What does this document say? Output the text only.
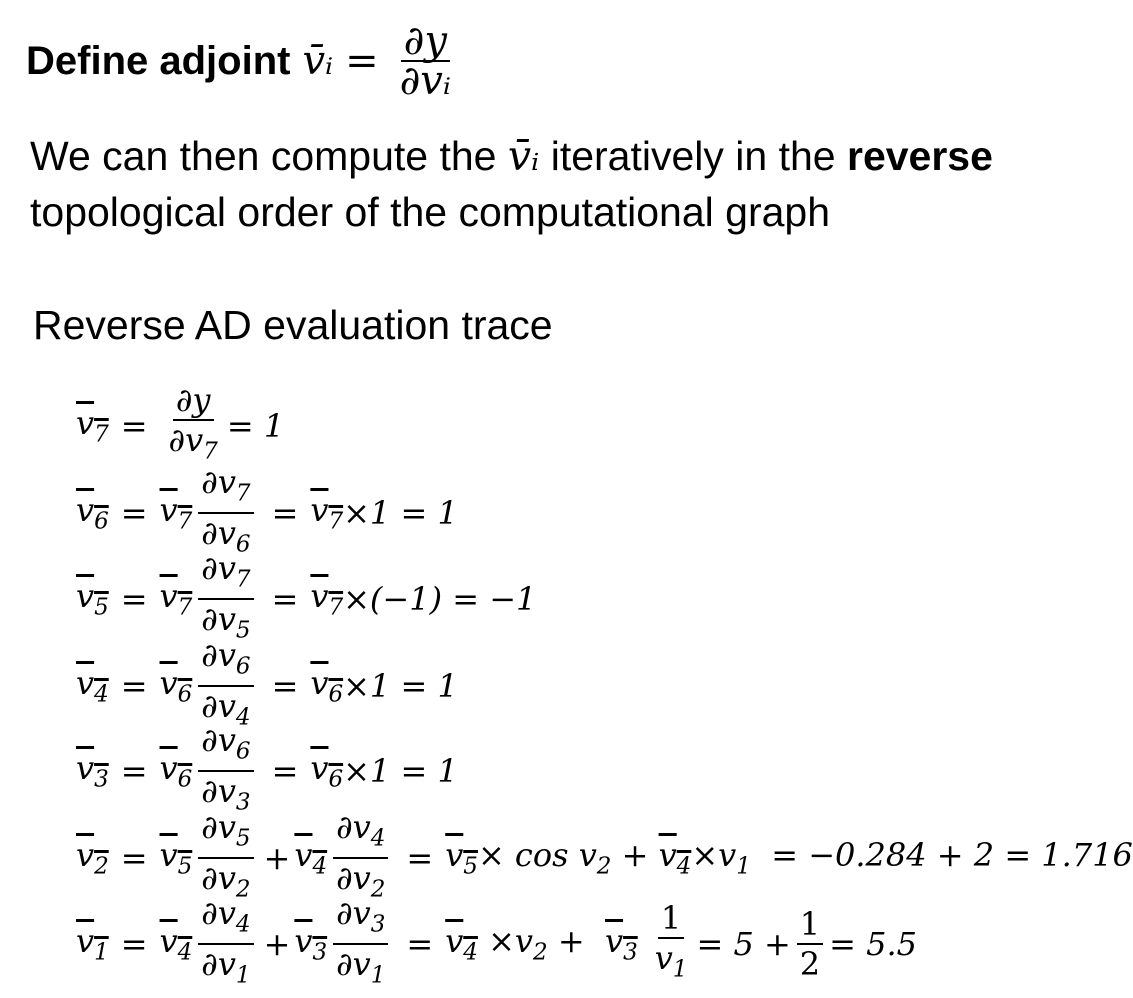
Define adjoint v̄ᵢ = $\frac{\partial y}{\text{∂vᵢ}}$
We can then compute the v̄ᵢ iteratively in the reverse
topological order of the computational graph
Reverse AD evaluation trace
$v_7 = \frac{\partial y}{\partial v_7} = 1$
$v_6 = v_7 \frac{\partial v_7}{\partial v_6} = v_7 \times 1 = 1$
$v_5 = v_7 \frac{\partial v_7}{\partial v_5} = v_7 \times(-1) = -1$
$v_4 = v_6 \frac{\partial v_6}{\partial v_4} = v_6 \times 1 = 1$
$v_3 = v_6 \frac{\partial v_6}{\partial v_3} = v_6 \times 1 = 1$
$v_2 = v_5 \frac{\partial v_5}{\partial v_2} + v_4 \frac{\partial v_4}{\partial v_2} = v_5 \times \cos v_2 + v_4 \times v_1 = -0.284 + 2 = 1.716$
$v_1 = v_4 \frac{\partial v_4}{\partial v_1} + v_3 \frac{\partial v_3}{\partial v_1} = v_4 \times v_2 + v_3 \frac{1}{v_1} = 5 + \frac{1}{2} = 5.5$
